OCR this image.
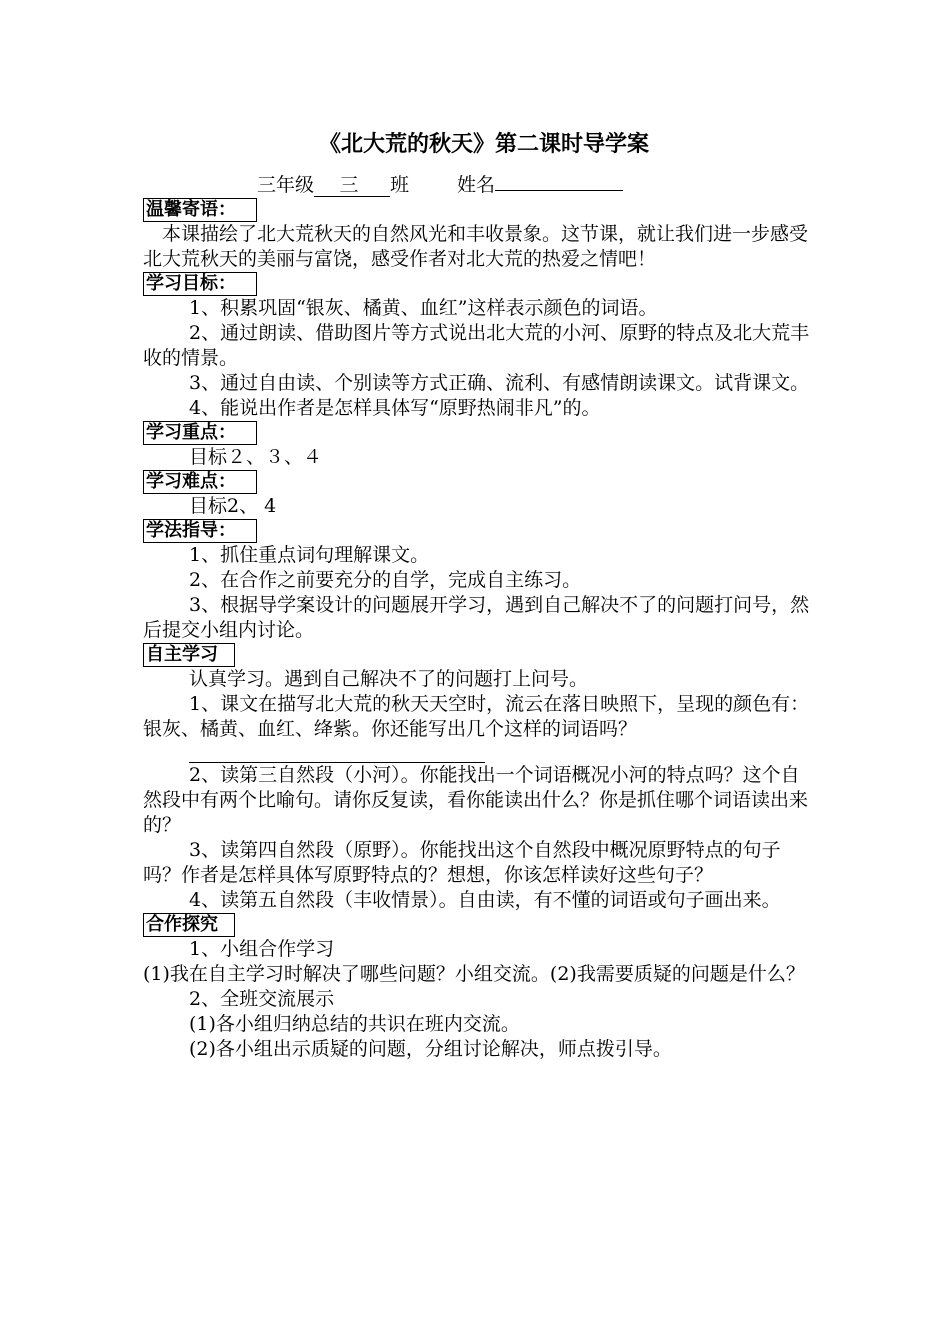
《北大荒的秋天》第二课时导学案
三年级 三 班	姓名
温馨寄语：

本课描绘了北大荒秋天的自然风光和丰收景象。这节课，就让我们进一步感受北大荒秋天的美丽与富饶，感受作者对北大荒的热爱之情吧！

学习目标：

1、积累巩固“银灰、橘黄、血红”这样表示颜色的词语。

2、通过朗读、借助图片等方式说出北大荒的小河、原野的特点及北大荒丰收的情景。

3、通过自由读、个别读等方式正确、流利、有感情朗读课文。试背课文。

4、能说出作者是怎样具体写“原野热闹非凡”的。

学习重点：

目标２、３、４

学习难点：

目标2、 4

学法指导：

1、抓住重点词句理解课文。

2、在合作之前要充分的自学，完成自主练习。

3、根据导学案设计的问题展开学习，遇到自己解决不了的问题打问号，然后提交小组内讨论。

自主学习

认真学习。遇到自己解决不了的问题打上问号。

1、课文在描写北大荒的秋天天空时，流云在落日映照下，呈现的颜色有：银灰、橘黄、血红、绛紫。你还能写出几个这样的词语吗？

2、读第三自然段（小河）。你能找出一个词语概况小河的特点吗？这个自然段中有两个比喻句。请你反复读，看你能读出什么？你是抓住哪个词语读出来的？

3、读第四自然段（原野）。你能找出这个自然段中概况原野特点的句子吗？作者是怎样具体写原野特点的？想想，你该怎样读好这些句子？

4、读第五自然段（丰收情景）。自由读，有不懂的词语或句子画出来。

合作探究

1、小组合作学习

(1)我在自主学习时解决了哪些问题？小组交流。(2)我需要质疑的问题是什么？

2、全班交流展示

(1)各小组归纳总结的共识在班内交流。

(2)各小组出示质疑的问题，分组讨论解决，师点拨引导。
